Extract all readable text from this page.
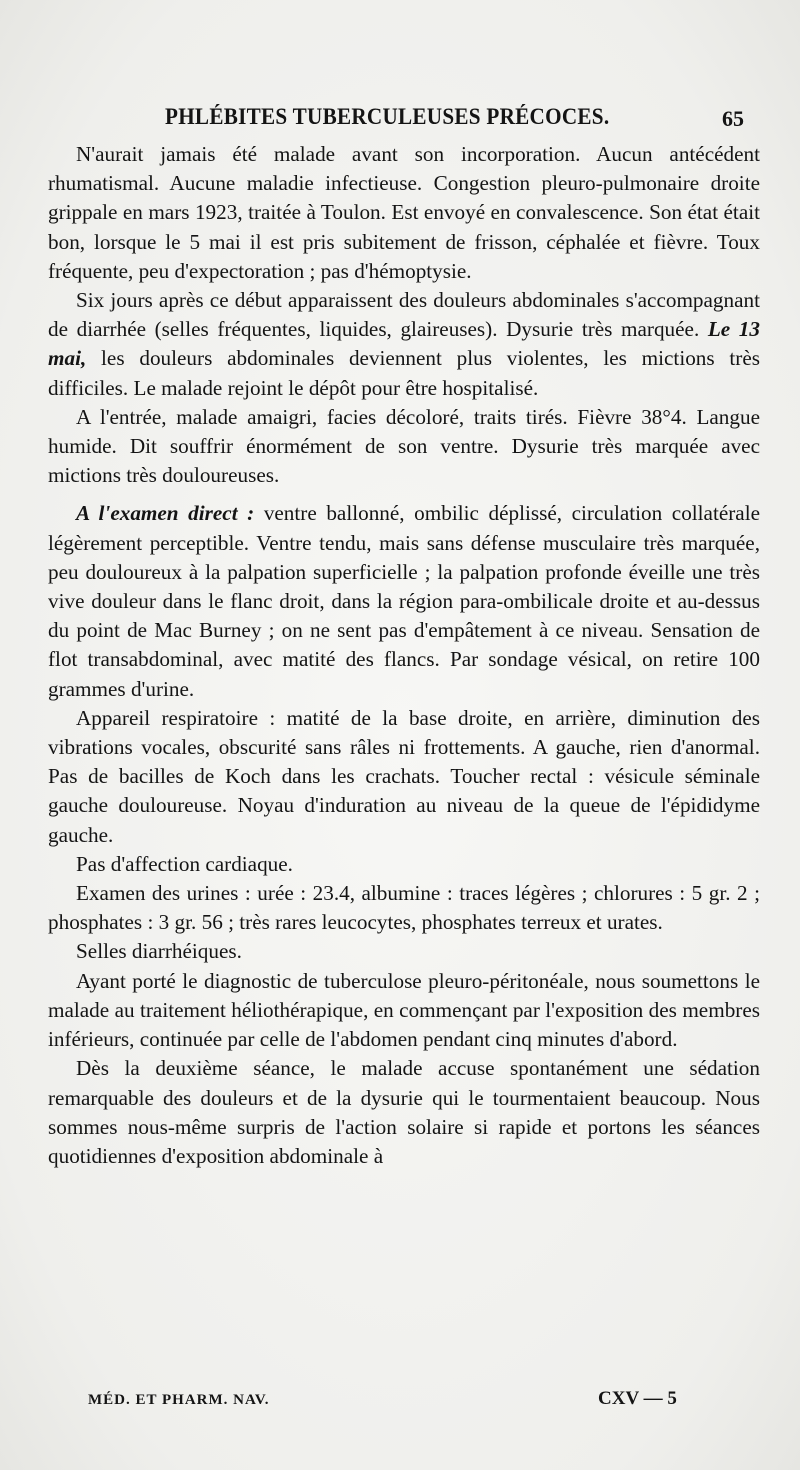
PHLÉBITES TUBERCULEUSES PRÉCOCES.	65

N'aurait jamais été malade avant son incorporation. Aucun antécédent rhumatismal. Aucune maladie infectieuse. Congestion pleuro-pulmonaire droite grippale en mars 1923, traitée à Toulon. Est envoyé en convalescence. Son état était bon, lorsque le 5 mai il est pris subitement de frisson, céphalée et fièvre. Toux fréquente, peu d'expectoration ; pas d'hémoptysie.

Six jours après ce début apparaissent des douleurs abdominales s'accompagnant de diarrhée (selles fréquentes, liquides, glaireuses). Dysurie très marquée. Le 13 mai, les douleurs abdominales deviennent plus violentes, les mictions très difficiles. Le malade rejoint le dépôt pour être hospitalisé.

A l'entrée, malade amaigri, facies décoloré, traits tirés. Fièvre 38°4. Langue humide. Dit souffrir énormément de son ventre. Dysurie très marquée avec mictions très douloureuses.

A l'examen direct : ventre ballonné, ombilic déplissé, circulation collatérale légèrement perceptible. Ventre tendu, mais sans défense musculaire très marquée, peu douloureux à la palpation superficielle ; la palpation profonde éveille une très vive douleur dans le flanc droit, dans la région para-ombilicale droite et au-dessus du point de Mac Burney ; on ne sent pas d'empâtement à ce niveau. Sensation de flot transabdominal, avec matité des flancs. Par sondage vésical, on retire 100 grammes d'urine.

Appareil respiratoire : matité de la base droite, en arrière, diminution des vibrations vocales, obscurité sans râles ni frottements. A gauche, rien d'anormal. Pas de bacilles de Koch dans les crachats. Toucher rectal : vésicule séminale gauche douloureuse. Noyau d'induration au niveau de la queue de l'épididyme gauche.

Pas d'affection cardiaque.

Examen des urines : urée : 23.4, albumine : traces légères ; chlorures : 5 gr. 2 ; phosphates : 3 gr. 56 ; très rares leucocytes, phosphates terreux et urates.

Selles diarrhéiques.

Ayant porté le diagnostic de tuberculose pleuro-péritonéale, nous soumettons le malade au traitement héliothérapique, en commençant par l'exposition des membres inférieurs, continuée par celle de l'abdomen pendant cinq minutes d'abord.

Dès la deuxième séance, le malade accuse spontanément une sédation remarquable des douleurs et de la dysurie qui le tourmentaient beaucoup. Nous sommes nous-même surpris de l'action solaire si rapide et portons les séances quotidiennes d'exposition abdominale à

MÉD. ET PHARM. NAV.	CXV — 5
